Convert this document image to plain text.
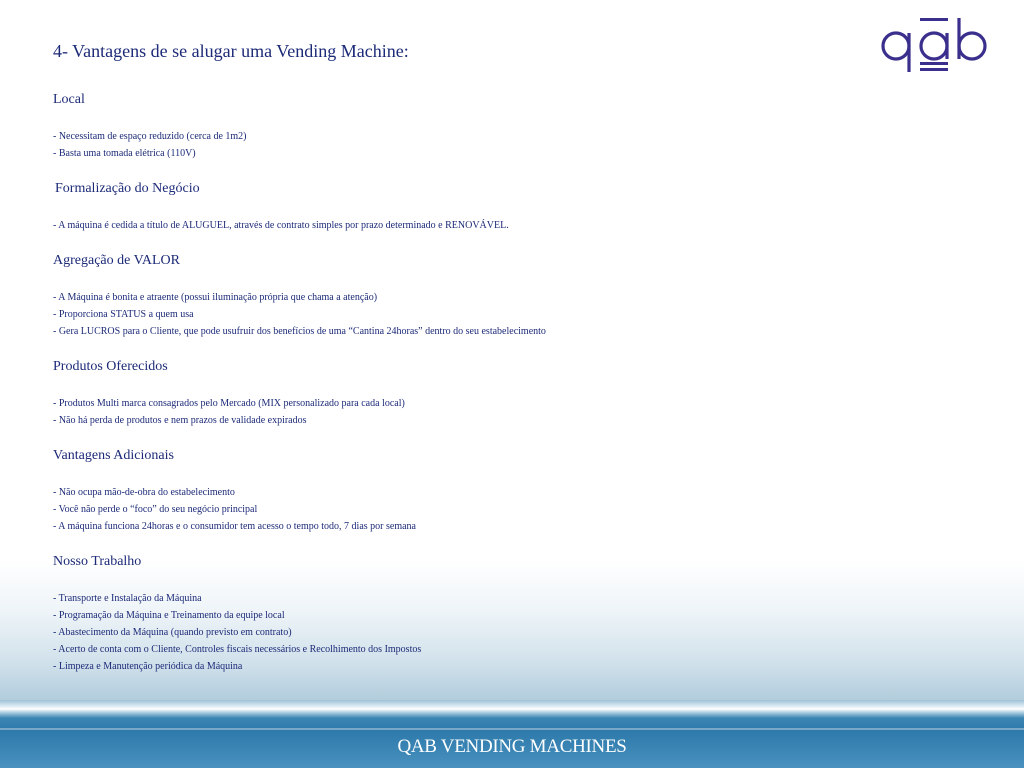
QAB VENDING MACHINES
4- Vantagens de se alugar uma Vending Machine:
Local
- Necessitam de espaço reduzido (cerca de 1m2)
- Basta uma tomada elétrica (110V)
Formalização do Negócio
- A máquina é cedida a título de ALUGUEL, através de contrato simples por prazo determinado e RENOVÁVEL.
Agregação de VALOR
- A Máquina é bonita e atraente (possui iluminação própria que chama a atenção)
- Proporciona STATUS a quem usa
- Gera LUCROS para o Cliente, que pode usufruir dos benefícios de uma “Cantina 24horas” dentro do seu estabelecimento
Produtos Oferecidos
- Produtos Multi marca consagrados pelo Mercado (MIX personalizado para cada local)
- Não há perda de produtos e nem prazos de validade expirados
Vantagens Adicionais
- Não ocupa mão-de-obra do estabelecimento
- Você não perde o “foco” do seu negócio principal
- A máquina funciona 24horas e o consumidor tem acesso o tempo todo, 7 dias por semana
Nosso Trabalho
- Transporte e Instalação da Máquina
- Programação da Máquina e Treinamento da equipe local
- Abastecimento da Máquina (quando previsto em contrato)
- Acerto de conta com o Cliente, Controles fiscais necessários e Recolhimento dos Impostos
- Limpeza e Manutenção periódica da Máquina
